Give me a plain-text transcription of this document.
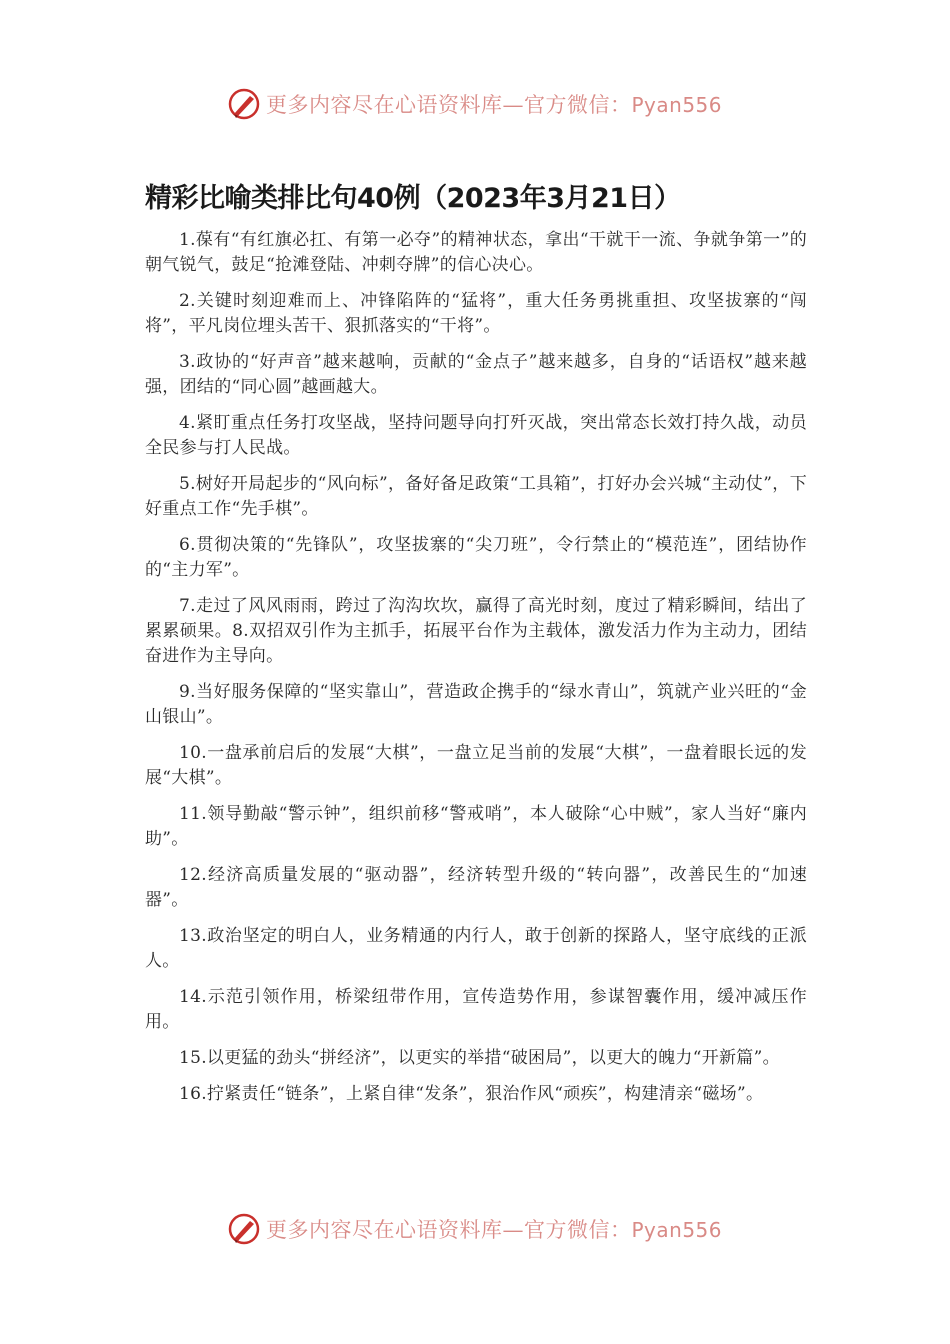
更多内容尽在心语资料库—官方微信：Pyan556
精彩比喻类排比句40例（2023年3月21日）

1.葆有“有红旗必扛、有第一必夺”的精神状态，拿出“干就干一流、争就争第一”的朝气锐气，鼓足“抢滩登陆、冲刺夺牌”的信心决心。

2.关键时刻迎难而上、冲锋陷阵的“猛将”，重大任务勇挑重担、攻坚拔寨的“闯将”，平凡岗位埋头苦干、狠抓落实的“干将”。

3.政协的“好声音”越来越响，贡献的“金点子”越来越多，自身的“话语权”越来越强，团结的“同心圆”越画越大。

4.紧盯重点任务打攻坚战，坚持问题导向打歼灭战，突出常态长效打持久战，动员全民参与打人民战。

5.树好开局起步的“风向标”，备好备足政策“工具箱”，打好办会兴城“主动仗”，下好重点工作“先手棋”。

6.贯彻决策的“先锋队”，攻坚拔寨的“尖刀班”，令行禁止的“模范连”，团结协作的“主力军”。

7.走过了风风雨雨，跨过了沟沟坎坎，赢得了高光时刻，度过了精彩瞬间，结出了累累硕果。8.双招双引作为主抓手，拓展平台作为主载体，激发活力作为主动力，团结奋进作为主导向。

9.当好服务保障的“坚实靠山”，营造政企携手的“绿水青山”，筑就产业兴旺的“金山银山”。

10.一盘承前启后的发展“大棋”，一盘立足当前的发展“大棋”，一盘着眼长远的发展“大棋”。

11.领导勤敲“警示钟”，组织前移“警戒哨”，本人破除“心中贼”，家人当好“廉内助”。

12.经济高质量发展的“驱动器”，经济转型升级的“转向器”，改善民生的“加速器”。

13.政治坚定的明白人，业务精通的内行人，敢于创新的探路人，坚守底线的正派人。

14.示范引领作用，桥梁纽带作用，宣传造势作用，参谋智囊作用，缓冲减压作用。

15.以更猛的劲头“拼经济”，以更实的举措“破困局”，以更大的魄力“开新篇”。

16.拧紧责任“链条”，上紧自律“发条”，狠治作风“顽疾”，构建清亲“磁场”。

更多内容尽在心语资料库—官方微信：Pyan556
